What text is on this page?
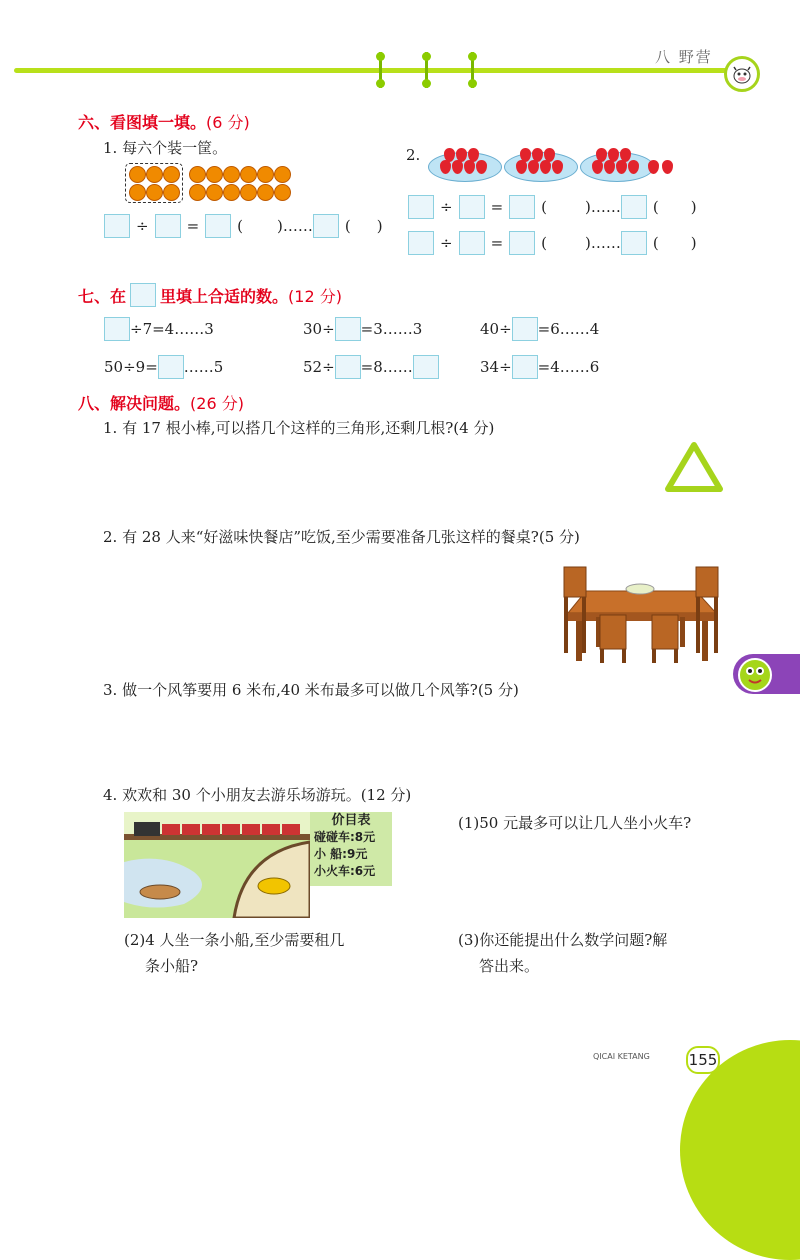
八 野营
六、看图填一填。(6 分)
1. 每六个装一筐。
÷	=	( ) …… ( )
2.
÷	=	(	) …… ( )
÷	=	(	) …… ( )
七、在 里填上合适的数。 (12 分)
÷7=4……3	30÷ =3……3	40÷ =6……4
50÷9= ……5	52÷ =8……	34÷ =4……6
八、解决问题。(26 分)
1. 有 17 根小棒,可以搭几个这样的三角形,还剩几根?(4 分)
2. 有 28 人来“好滋味快餐店”吃饭,至少需要准备几张这样的餐桌?(5 分)
3. 做一个风筝要用 6 米布,40 米布最多可以做几个风筝?(5 分)
4. 欢欢和 30 个小朋友去游乐场游玩。(12 分)
价目表
碰碰车:8元
小 船:9元
小火车:6元
(1)50 元最多可以让几人坐小火车?
(2)4 人坐一条小船,至少需要租几
条小船?
(3)你还能提出什么数学问题?解
答出来。
QICAI KETANG	155
